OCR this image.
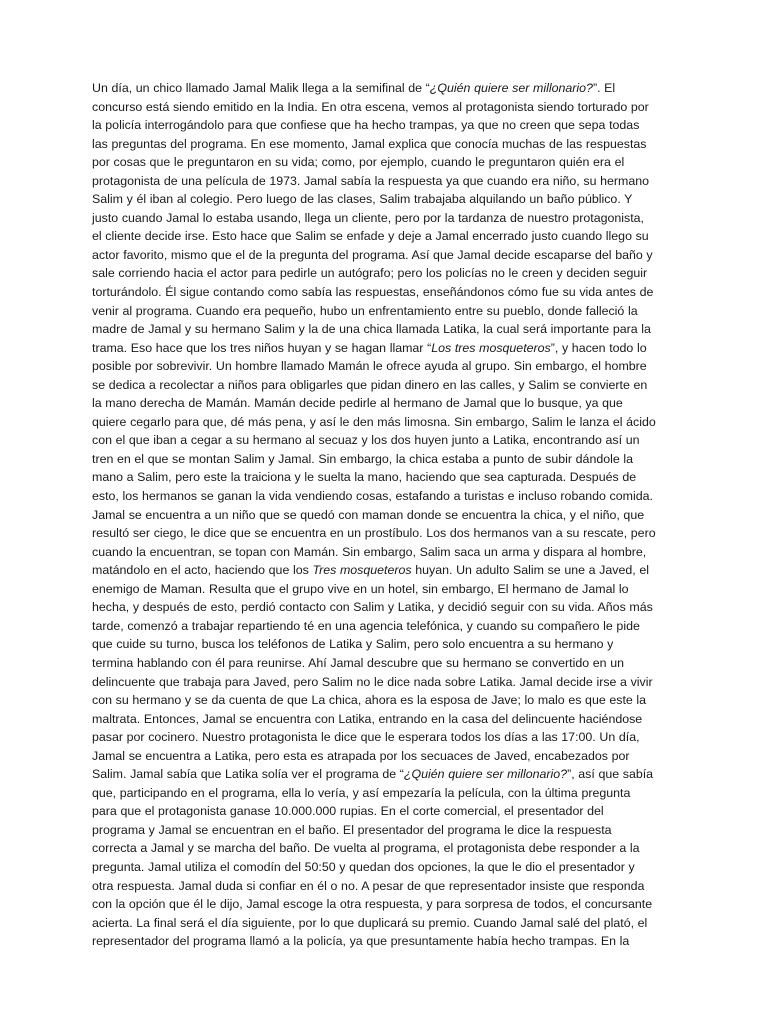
Un día, un chico llamado Jamal Malik llega a la semifinal de “¿Quién quiere ser millonario?”. El
concurso está siendo emitido en la India. En otra escena, vemos al protagonista siendo torturado por
la policía interrogándolo para que confiese que ha hecho trampas, ya que no creen que sepa todas
las preguntas del programa. En ese momento, Jamal explica que conocía muchas de las respuestas
por cosas que le preguntaron en su vida; como, por ejemplo, cuando le preguntaron quién era el
protagonista de una película de 1973. Jamal sabía la respuesta ya que cuando era niño, su hermano
Salim y él iban al colegio. Pero luego de las clases, Salim trabajaba alquilando un baño público. Y
justo cuando Jamal lo estaba usando, llega un cliente, pero por la tardanza de nuestro protagonista,
el cliente decide irse. Esto hace que Salim se enfade y deje a Jamal encerrado justo cuando llego su
actor favorito, mismo que el de la pregunta del programa. Así que Jamal decide escaparse del baño y
sale corriendo hacia el actor para pedirle un autógrafo; pero los policías no le creen y deciden seguir
torturándolo. Él sigue contando como sabía las respuestas, enseñándonos cómo fue su vida antes de
venir al programa. Cuando era pequeño, hubo un enfrentamiento entre su pueblo, donde falleció la
madre de Jamal y su hermano Salim y la de una chica llamada Latika, la cual será importante para la
trama. Eso hace que los tres niños huyan y se hagan llamar “Los tres mosqueteros”, y hacen todo lo
posible por sobrevivir. Un hombre llamado Mamán le ofrece ayuda al grupo. Sin embargo, el hombre
se dedica a recolectar a niños para obligarles que pidan dinero en las calles, y Salim se convierte en
la mano derecha de Mamán. Mamán decide pedirle al hermano de Jamal que lo busque, ya que
quiere cegarlo para que, dé más pena, y así le den más limosna. Sin embargo, Salim le lanza el ácido
con el que iban a cegar a su hermano al secuaz y los dos huyen junto a Latika, encontrando así un
tren en el que se montan Salim y Jamal. Sin embargo, la chica estaba a punto de subir dándole la
mano a Salim, pero este la traiciona y le suelta la mano, haciendo que sea capturada. Después de
esto, los hermanos se ganan la vida vendiendo cosas, estafando a turistas e incluso robando comida.
Jamal se encuentra a un niño que se quedó con maman donde se encuentra la chica, y el niño, que
resultó ser ciego, le dice que se encuentra en un prostíbulo. Los dos hermanos van a su rescate, pero
cuando la encuentran, se topan con Mamán. Sin embargo, Salim saca un arma y dispara al hombre,
matándolo en el acto, haciendo que los Tres mosqueteros huyan. Un adulto Salim se une a Javed, el
enemigo de Maman. Resulta que el grupo vive en un hotel, sin embargo, El hermano de Jamal lo
hecha, y después de esto, perdió contacto con Salim y Latika, y decidió seguir con su vida. Años más
tarde, comenzó a trabajar repartiendo té en una agencia telefónica, y cuando su compañero le pide
que cuide su turno, busca los teléfonos de Latika y Salim, pero solo encuentra a su hermano y
termina hablando con él para reunirse. Ahí Jamal descubre que su hermano se convertido en un
delincuente que trabaja para Javed, pero Salim no le dice nada sobre Latika. Jamal decide irse a vivir
con su hermano y se da cuenta de que La chica, ahora es la esposa de Jave; lo malo es que este la
maltrata. Entonces, Jamal se encuentra con Latika, entrando en la casa del delincuente haciéndose
pasar por cocinero. Nuestro protagonista le dice que le esperara todos los días a las 17:00. Un día,
Jamal se encuentra a Latika, pero esta es atrapada por los secuaces de Javed, encabezados por
Salim. Jamal sabía que Latika solía ver el programa de “¿Quién quiere ser millonario?”, así que sabía
que, participando en el programa, ella lo vería, y así empezaría la película, con la última pregunta
para que el protagonista ganase 10.000.000 rupias. En el corte comercial, el presentador del
programa y Jamal se encuentran en el baño. El presentador del programa le dice la respuesta
correcta a Jamal y se marcha del baño. De vuelta al programa, el protagonista debe responder a la
pregunta. Jamal utiliza el comodín del 50:50 y quedan dos opciones, la que le dio el presentador y
otra respuesta. Jamal duda si confiar en él o no. A pesar de que representador insiste que responda
con la opción que él le dijo, Jamal escoge la otra respuesta, y para sorpresa de todos, el concursante
acierta. La final será el día siguiente, por lo que duplicará su premio. Cuando Jamal salé del plató, el
representador del programa llamó a la policía, ya que presuntamente había hecho trampas. En la
